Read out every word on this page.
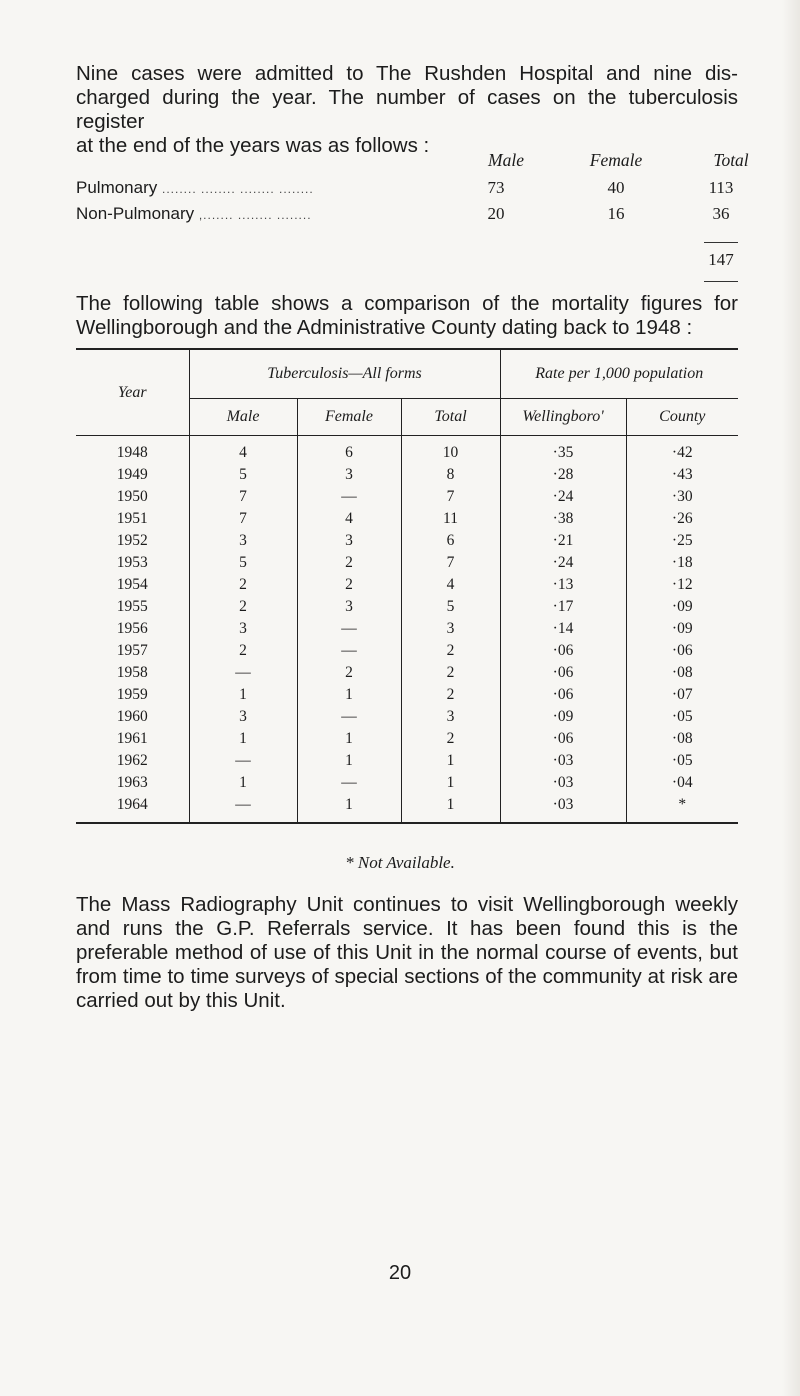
Nine cases were admitted to The Rushden Hospital and nine dis-
charged during the year. The number of cases on the tuberculosis register
at the end of the years was as follows :
Male	Female	Total
Pulmonary ........ ........ ........ ........	73	40	113
Non-Pulmonary ,....... ........ ........	20	16	36
147
The following table shows a comparison of the mortality figures for
Wellingborough and the Administrative County dating back to 1948 :
Year	Tuberculosis—All forms			Rate per 1,000 population	
	Male	Female	Total	Wellingboro'	County
1948	4	6	10	·35	·42
1949	5	3	8	·28	·43
1950	7	—	7	·24	·30
1951	7	4	11	·38	·26
1952	3	3	6	·21	·25
1953	5	2	7	·24	·18
1954	2	2	4	·13	·12
1955	2	3	5	·17	·09
1956	3	—	3	·14	·09
1957	2	—	2	·06	·06
1958	—	2	2	·06	·08
1959	1	1	2	·06	·07
1960	3	—	3	·09	·05
1961	1	1	2	·06	·08
1962	—	1	1	·03	·05
1963	1	—	1	·03	·04
1964	—	1	1	·03	*
* Not Available.
The Mass Radiography Unit continues to visit Wellingborough weekly
and runs the G.P. Referrals service. It has been found this is the
preferable method of use of this Unit in the normal course of events, but
from time to time surveys of special sections of the community at risk are
carried out by this Unit.
20
